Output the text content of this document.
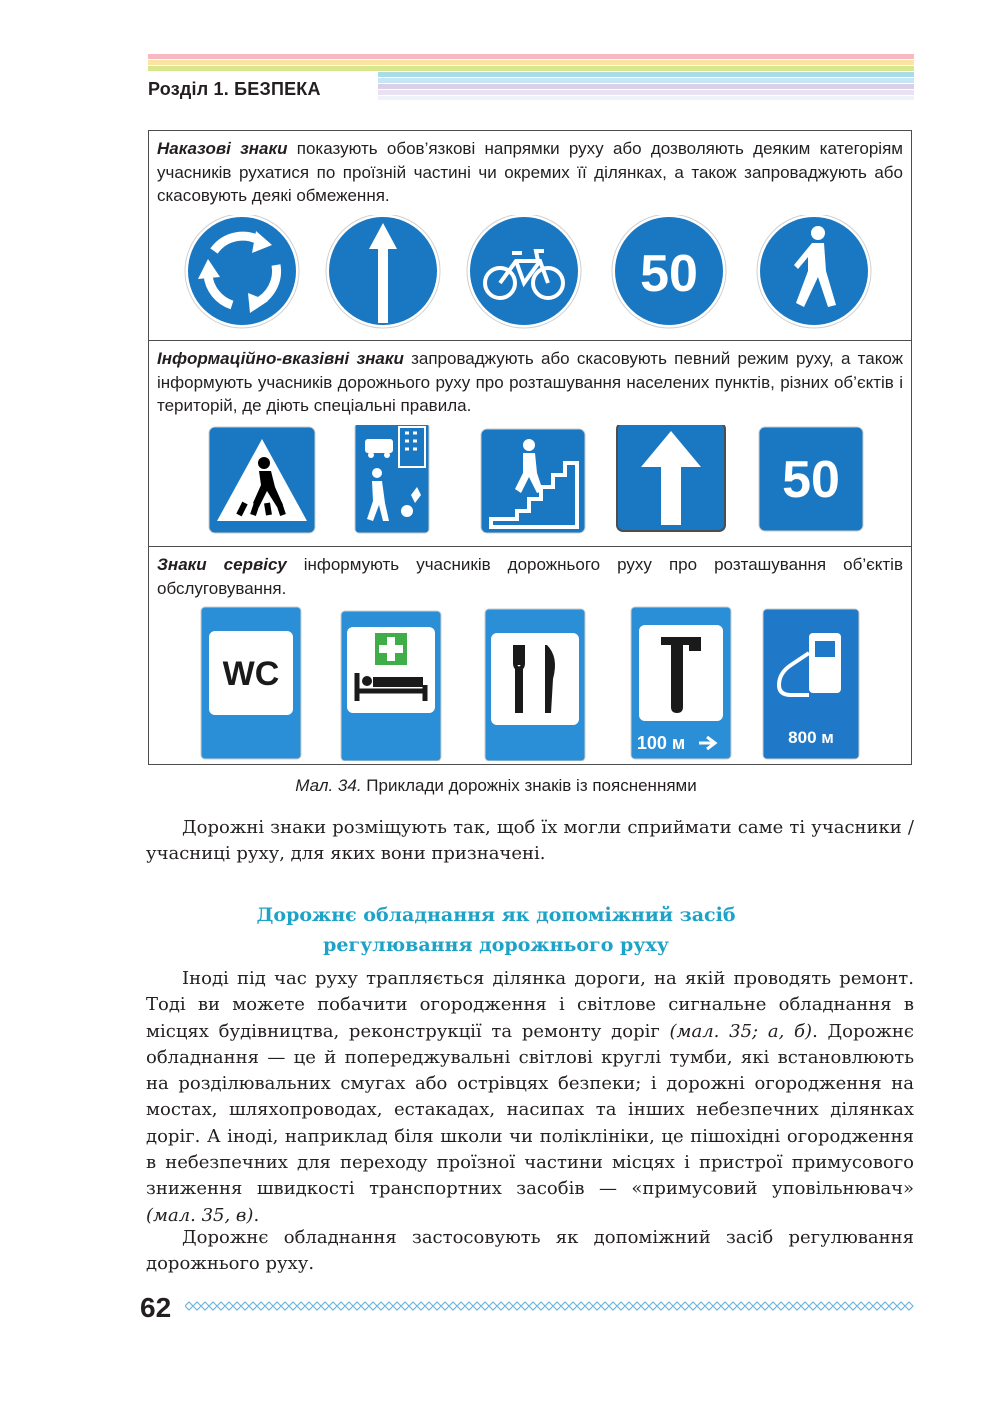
Розділ 1. БЕЗПЕКА

Наказові знаки показують обов’язкові напрямки руху або дозволяють деяким категоріям учасників рухатися по проїзній частині чи окремих її ділянках, а також запроваджують або скасовують деякі обмеження.

50

Інформаційно-вказівні знаки запроваджують або скасовують певний режим руху, а також інформують учасників дорожнього руху про розташування населених пунктів, різних об’єктів і територій, де діють спеціальні правила.

50

Знаки сервісу інформують учасників дорожнього руху про розташування об’єктів обслуговування.

WC
100 м	800 м
Мал. 34. Приклади дорожніх знаків із поясненнями
Дорожні знаки розміщують так, щоб їх могли сприймати саме ті учасники / учасниці руху, для яких вони призначені.
Дорожнє обладнання як допоміжний засіб
регулювання дорожнього руху
Іноді під час руху трапляється ділянка дороги, на якій проводять ремонт. Тоді ви можете побачити огородження і світлове сигнальне обладнання в місцях будівництва, реконструкції та ремонту доріг (мал. 35; а, б). Дорожнє обладнання — це й попереджувальні світлові круглі тумби, які встановлюють на розділювальних смугах або острівцях безпеки; і дорожні огородження на мостах, шляхопроводах, естакадах, насипах та інших небезпечних ділянках доріг. А іноді, наприклад біля школи чи поліклініки, це пішохідні огородження в небезпечних для переходу проїзної частини місцях і пристрої примусового зниження швидкості транспортних засобів — «примусовий уповільнювач» (мал. 35, в).
Дорожнє обладнання застосовують як допоміжний засіб регулювання дорожнього руху.
62
